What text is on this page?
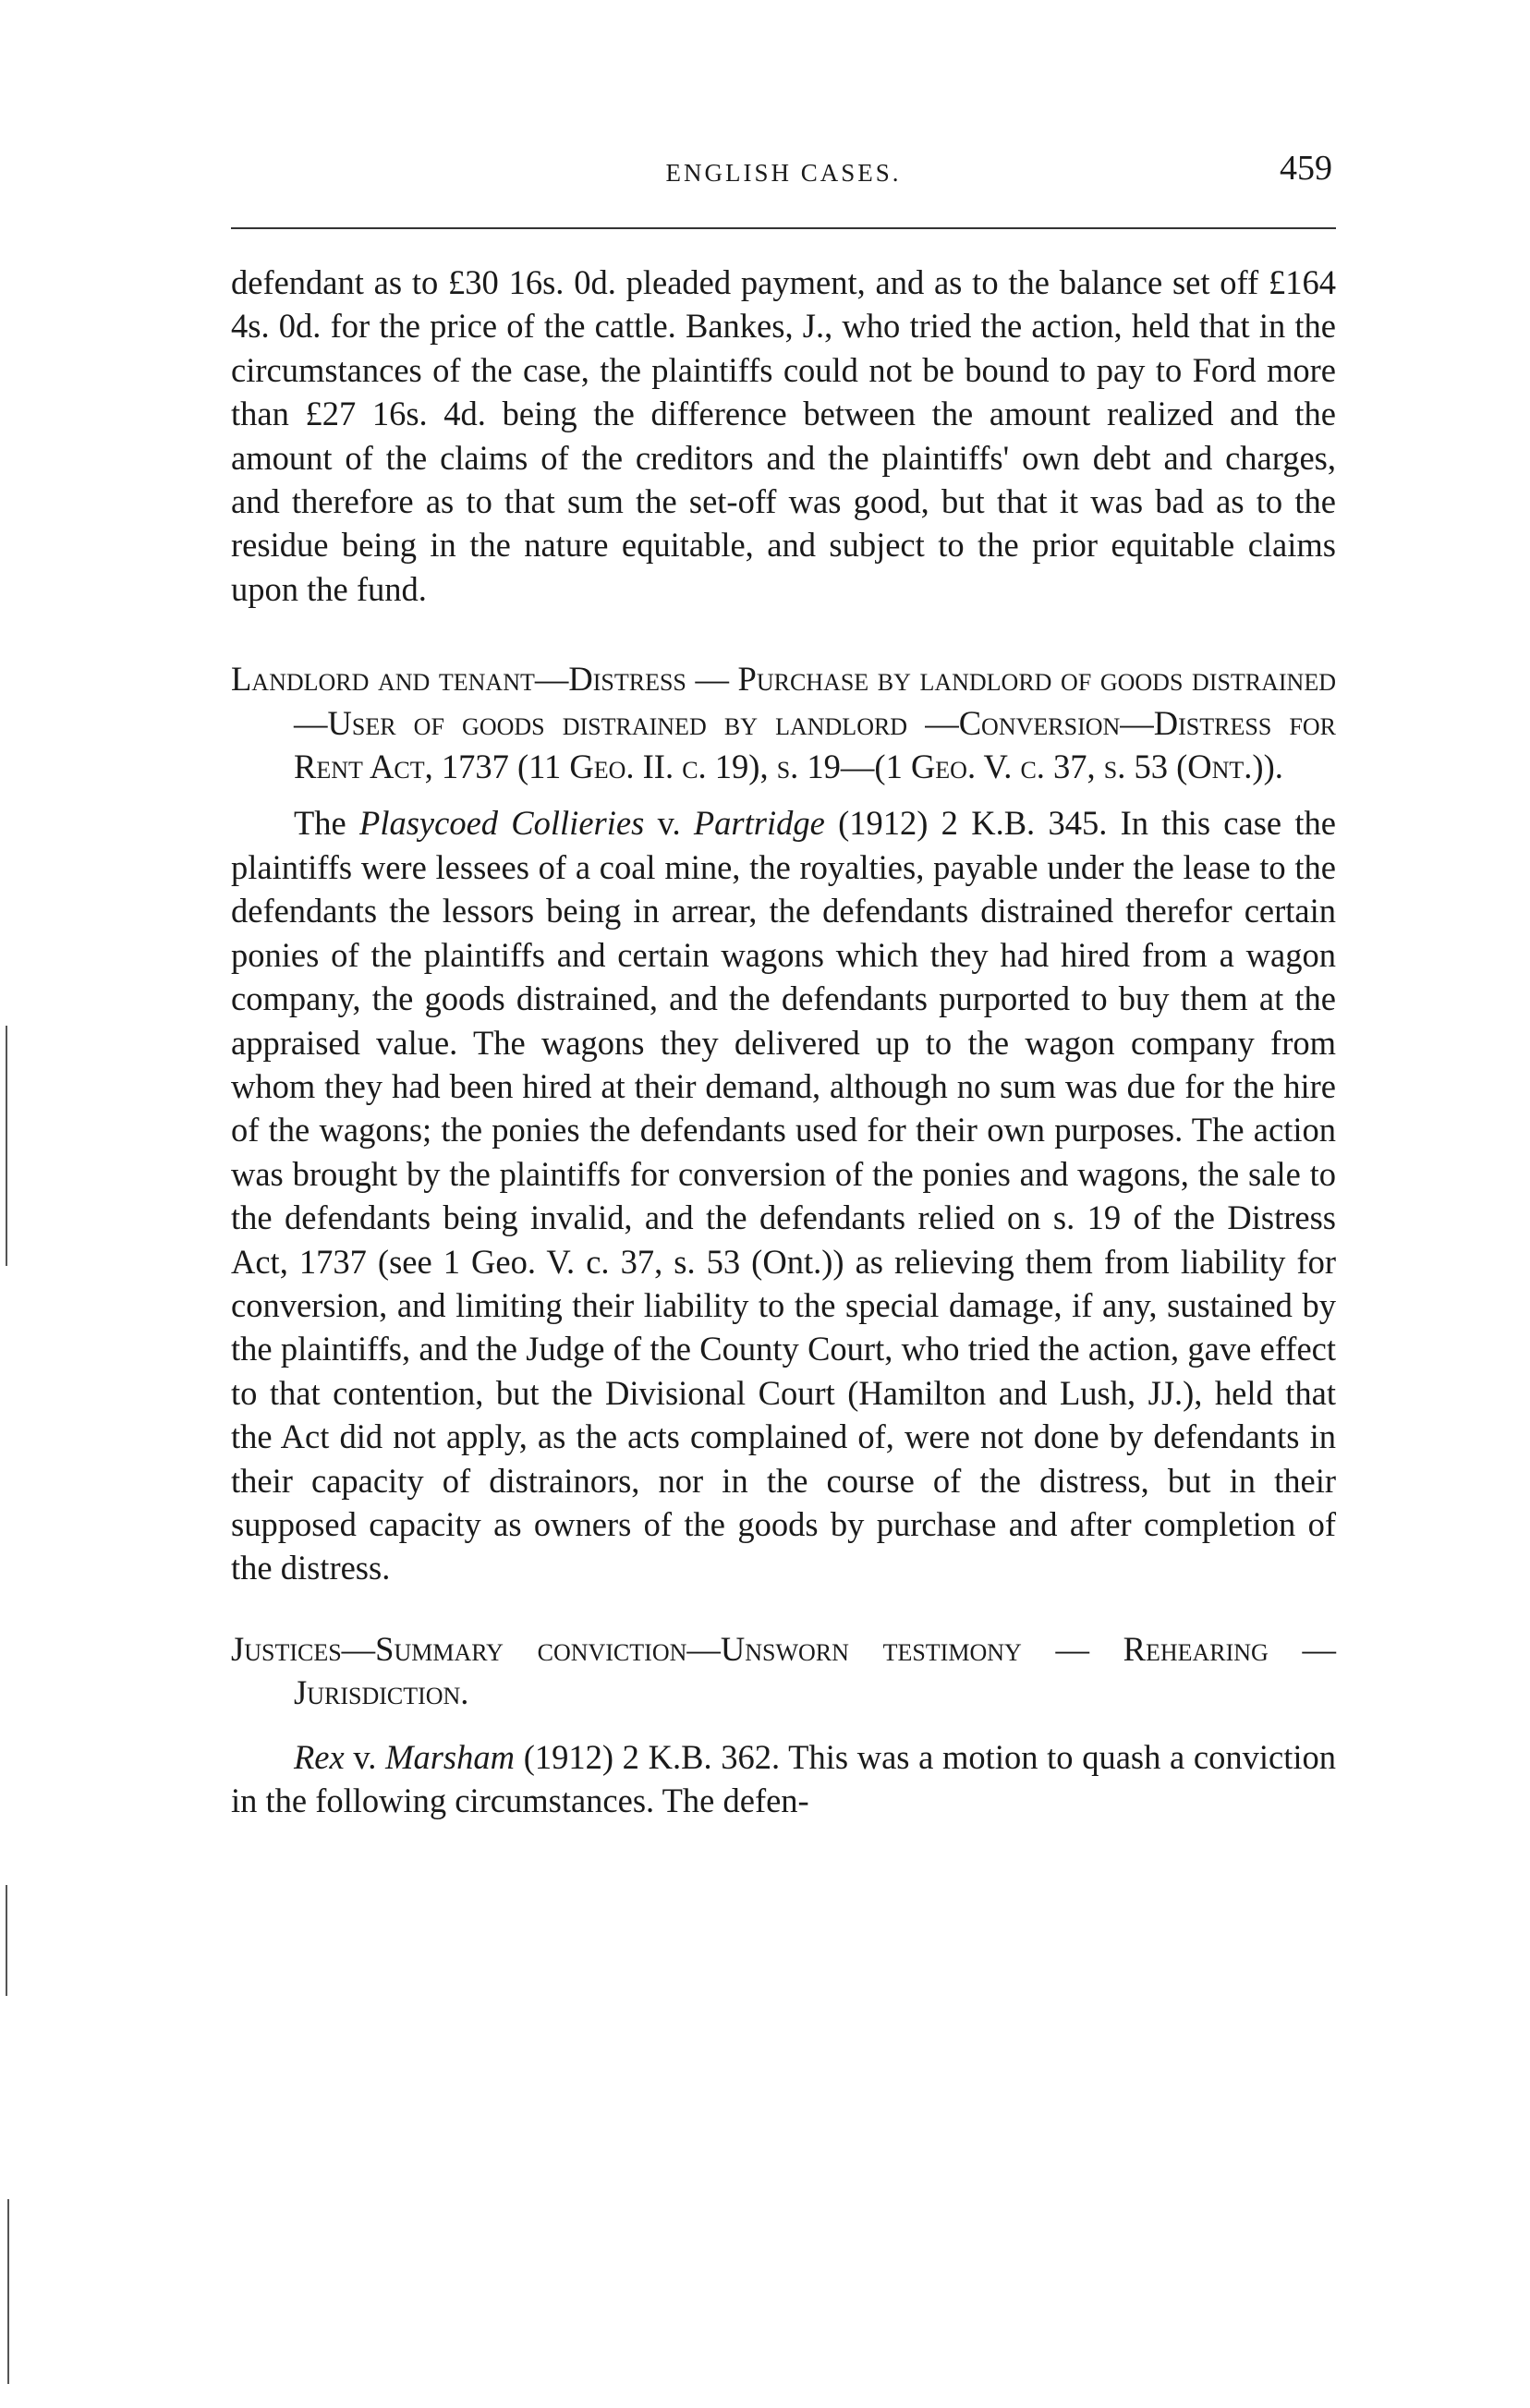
ENGLISH CASES.	459

defendant as to £30 16s. 0d. pleaded payment, and as to the balance set off £164 4s. 0d. for the price of the cattle. Bankes, J., who tried the action, held that in the circumstances of the case, the plaintiffs could not be bound to pay to Ford more than £27 16s. 4d. being the difference between the amount realized and the amount of the claims of the creditors and the plaintiffs' own debt and charges, and therefore as to that sum the set-off was good, but that it was bad as to the residue being in the nature equitable, and subject to the prior equitable claims upon the fund.

Landlord and tenant—Distress — Purchase by landlord of goods distrained—User of goods distrained by landlord —Conversion—Distress for Rent Act, 1737 (11 Geo. II. c. 19), s. 19—(1 Geo. V. c. 37, s. 53 (Ont.)).

The Plasycoed Collieries v. Partridge (1912) 2 K.B. 345. In this case the plaintiffs were lessees of a coal mine, the royalties, payable under the lease to the defendants the lessors being in arrear, the defendants distrained therefor certain ponies of the plaintiffs and certain wagons which they had hired from a wagon company, the goods distrained, and the defendants purported to buy them at the appraised value. The wagons they delivered up to the wagon company from whom they had been hired at their demand, although no sum was due for the hire of the wagons; the ponies the defendants used for their own purposes. The action was brought by the plaintiffs for conversion of the ponies and wagons, the sale to the defendants being invalid, and the defendants relied on s. 19 of the Distress Act, 1737 (see 1 Geo. V. c. 37, s. 53 (Ont.)) as relieving them from liability for conversion, and limiting their liability to the special damage, if any, sustained by the plaintiffs, and the Judge of the County Court, who tried the action, gave effect to that contention, but the Divisional Court (Hamilton and Lush, JJ.), held that the Act did not apply, as the acts complained of, were not done by defendants in their capacity of distrainors, nor in the course of the distress, but in their supposed capacity as owners of the goods by purchase and after completion of the distress.

Justices—Summary conviction—Unsworn testimony — Rehearing — Jurisdiction.

Rex v. Marsham (1912) 2 K.B. 362. This was a motion to quash a conviction in the following circumstances. The defen-
